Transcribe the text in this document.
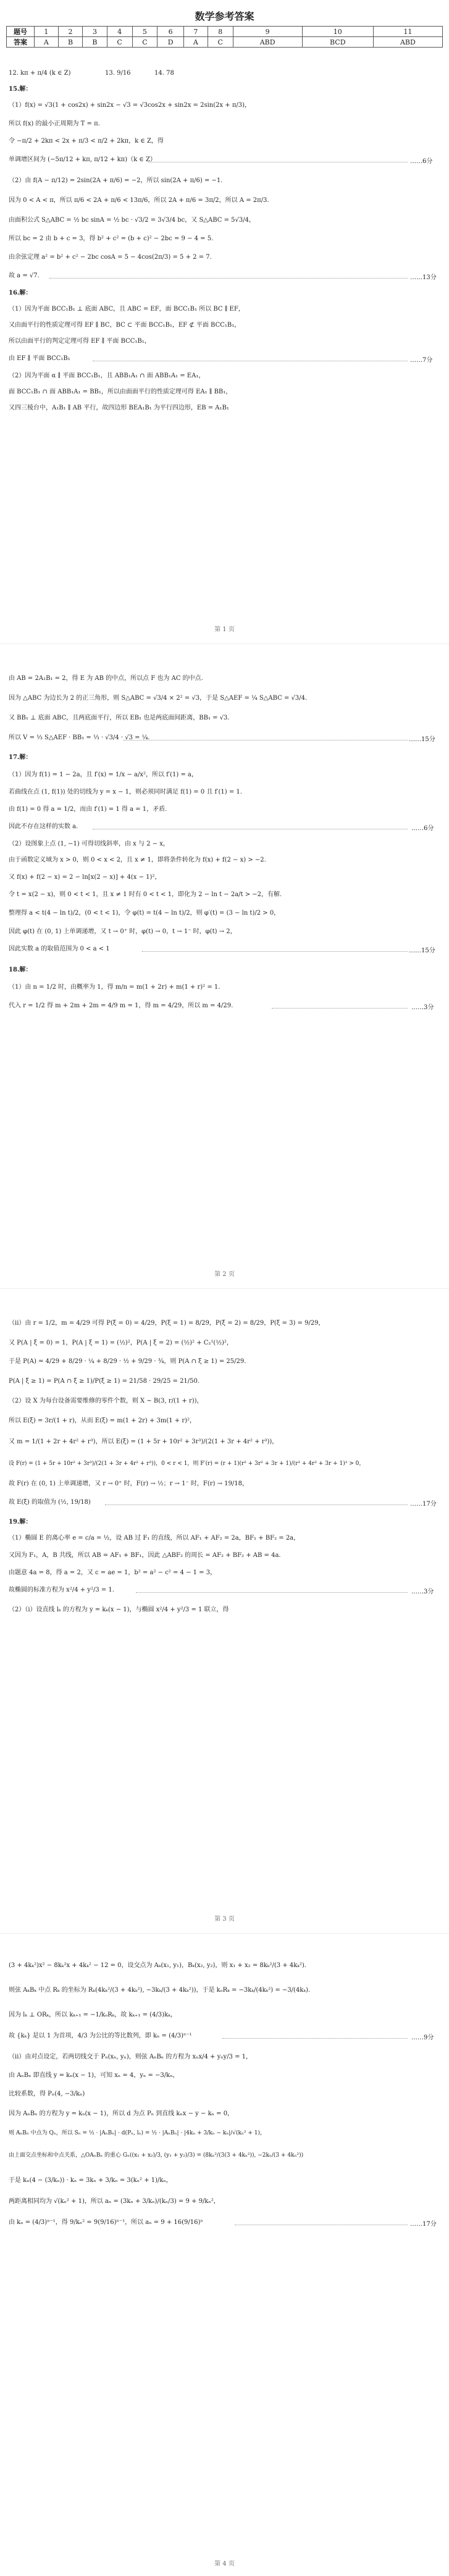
数学参考答案
题号	1	2	3	4	5	6	7	8	9	10	11
答案	A	B	B	C	C	D	A	C	ABD	BCD	ABD
12. kπ + π/4 (k ∈ Z)	13. 9/16	14. 78
15.解：
（1）f(x) = √3(1 + cos2x) + sin2x − √3 = √3cos2x + sin2x = 2sin(2x + π/3)，
所以 f(x) 的最小正周期为 T = π.
令 −π/2 + 2kπ < 2x + π/3 < π/2 + 2kπ，k ∈ Z，得
单调增区间为 (−5π/12 + kπ, π/12 + kπ)（k ∈ Z）	……6分
（2）由 f(A − π/12) = 2sin(2A + π/6) = −2，所以 sin(2A + π/6) = −1.
因为 0 < A < π，所以 π/6 < 2A + π/6 < 13π/6，所以 2A + π/6 = 3π/2，所以 A = 2π/3.
由面积公式 S△ABC = ½ bc sinA = ½ bc · √3/2 = 3√3/4 bc，又 S△ABC = 5√3/4，
所以 bc = 2 由 b + c = 3，得 b² + c² = (b + c)² − 2bc = 9 − 4 = 5.
由余弦定理 a² = b² + c² − 2bc cosA = 5 − 4cos(2π/3) = 5 + 2 = 7.
故 a = √7.	……13分
16.解：
（1）因为平面 BCC₁B₁ ⊥ 底面 ABC，且 ABC = EF，面 BCC₁B₁ 所以 BC ∥ EF，
又由面平行的性质定理可得 EF ∥ BC，BC ⊂ 平面 BCC₁B₁，EF ⊄ 平面 BCC₁B₁，
所以由面平行的判定定理可得 EF ∥ 平面 BCC₁B₁，
由 EF ∥ 平面 BCC₁B₁	……7分
（2）因为平面 α ∥ 平面 BCC₁B₁，且 ABB₁A₁ ∩ 面 ABB₁A₁ = EA₁，
面 BCC₁B₁ ∩ 面 ABB₁A₁ = BB₁，所以由面面平行的性质定理可得 EA₁ ∥ BB₁，
又四三棱台中，A₁B₁ ∥ AB 平行，故四边形 BEA₁B₁ 为平行四边形，EB = A₁B₁
第 1 页
由 AB = 2A₁B₁ = 2，得 E 为 AB 的中点，所以点 F 也为 AC 的中点.
因为 △ABC 为边长为 2 的正三角形，则 S△ABC = √3/4 × 2² = √3，于是 S△AEF = ¼ S△ABC = √3/4.
又 BB₁ ⊥ 底面 ABC，且两底面平行，所以 EB₁ 也是两底面间距离，BB₁ = √3.
所以 V = ⅓ S△AEF · BB₁ = ⅓ · √3/4 · √3 = ¼.	……15分
17.解：
（1）因为 f(1) = 1 − 2a，且 f′(x) = 1/x − a/x²，所以 f′(1) = a，
若曲线在点 (1, f(1)) 处的切线为 y = x − 1，则必须同时满足 f(1) = 0 且 f′(1) = 1.
由 f(1) = 0 得 a = 1/2，而由 f′(1) = 1 得 a = 1，矛盾.
因此不存在这样的实数 a.	……6分
（2）设图象上点 (1, −1) 可得切线斜率，由 x 与 2 − x，
由于函数定义域为 x > 0，则 0 < x < 2，且 x ≠ 1，即将条件转化为 f(x) + f(2 − x) > −2.
又 f(x) + f(2 − x) = 2 − ln[x(2 − x)] + 4(x − 1)²，
令 t = x(2 − x)，则 0 < t < 1，且 x ≠ 1 时有 0 < t < 1，即化为 2 − ln t − 2a/t > −2，有解.
整理得 a < t(4 − ln t)/2，(0 < t < 1)，令 φ(t) = t(4 − ln t)/2，则 φ′(t) = (3 − ln t)/2 > 0，
因此 φ(t) 在 (0, 1) 上单调递增，又 t → 0⁺ 时，φ(t) → 0，t → 1⁻ 时，φ(t) → 2，
因此实数 a 的取值范围为 0 < a < 1	……15分
18.解：
（1）由 n = 1/2 时，由概率为 1，得 m/n = m(1 + 2r) + m(1 + r)² = 1.
代入 r = 1/2 得 m + 2m + 2m = 4/9 m = 1，得 m = 4/29，所以 m = 4/29.	……3分
第 2 页
（ii）由 r = 1/2，m = 4/29 可得 P(ξ = 0) = 4/29，P(ξ = 1) = 8/29，P(ξ = 2) = 8/29，P(ξ = 3) = 9/29，
又 P(A | ξ = 0) = 1，P(A | ξ = 1) = (½)²，P(A | ξ = 2) = (½)² + C₂¹(½)²，
于是 P(A) = 4/29 + 8/29 · ¼ + 8/29 · ½ + 9/29 · ¾，则 P(A ∩ ξ ≥ 1) = 25/29.
P(A | ξ ≥ 1) = P(A ∩ ξ ≥ 1)/P(ξ ≥ 1) = 21/58 · 29/25 = 21/50.
（2）设 X 为每台设备需要维修的零件个数，则 X ~ B(3, r/(1 + r))，
所以 E(ξ) = 3r/(1 + r)，从而 E(ξ) = m(1 + 2r) + 3m(1 + r)²，
又 m = 1/(1 + 2r + 4r² + r³)，所以 E(ξ) = (1 + 5r + 10r² + 3r³)/(2(1 + 3r + 4r² + r³))，
设 F(r) = (1 + 5r + 10r² + 3r³)/(2(1 + 3r + 4r² + r³))，0 < r < 1，则 F′(r) = (r + 1)(r² + 3r² + 3r + 1)/(r³ + 4r² + 3r + 1)² > 0，
故 F(r) 在 (0, 1) 上单调递增，又 r → 0⁺ 时，F(r) → ½；r → 1⁻ 时，F(r) → 19/18，
故 E(ξ) 的取值为 (½, 19/18)	……17分
19.解：
（1）椭圆 E 的离心率 e = c/a = ½，设 AB 过 F₁ 的直线，所以 AF₁ + AF₂ = 2a，BF₁ + BF₂ = 2a，
又因为 F₁，A，B 共线，所以 AB = AF₁ + BF₁，因此 △ABF₂ 的周长 = AF₂ + BF₂ + AB = 4a.
由题意 4a = 8，得 a = 2，又 c = ae = 1，b² = a² − c² = 4 − 1 = 3，
故椭圆的标准方程为 x²/4 + y²/3 = 1.	……3分
（2）（i）设直线 lₖ 的方程为 y = kₖ(x − 1)，与椭圆 x²/4 + y²/3 = 1 联立，得
第 3 页
(3 + 4kₖ²)x² − 8kₖ²x + 4kₖ² − 12 = 0，设交点为 Aₖ(x₁, y₁)，Bₖ(x₂, y₂)，则 x₁ + x₂ = 8kₖ²/(3 + 4kₖ²).
则弦 AₖBₖ 中点 Rₖ 的坐标为 Rₖ(4kₖ²/(3 + 4kₖ²), −3kₖ/(3 + 4kₖ²))，于是 kₒRₖ = −3kₖ/(4kₖ²) = −3/(4kₖ).
因为 lₖ ⊥ ORₖ，所以 kₖ₊₁ = −1/kₒRₖ，故 kₖ₊₁ = (4/3)kₖ，
故 {kₖ} 是以 1 为首项，4/3 为公比的等比数列，即 kₙ = (4/3)ⁿ⁻¹	……9分
（ii）由对点设定，若两切线交于 Pₙ(xₙ, yₙ)，则弦 AₙBₙ 的方程为 xₙx/4 + yₙy/3 = 1，
由 AₙBₙ 即直线 y = kₙ(x − 1)，可知 xₙ = 4，yₙ = −3/kₙ，
比较系数，得 Pₙ(4, −3/kₙ)
因为 AₙBₙ 的方程为 y = kₙ(x − 1)，所以 d 为点 Pₙ 到直线 kₙx − y − kₙ = 0，
则 AₙBₙ 中点为 Qₙ，所以 Sₙ = ½ · |AₙBₙ| · d(Pₙ, lₙ) = ½ · |AₙBₙ| · |4kₙ + 3/kₙ − kₙ|/√(kₙ² + 1)，
由上面交点坐标和中点关系，△OAₙBₙ 的重心 Gₙ((x₁ + x₂)/3, (y₁ + y₂)/3) = (8kₙ²/(3(3 + 4kₙ²)), −2kₙ/(3 + 4kₙ²))
于是 kₙ(4 − (3/kₙ)) · kₙ = 3kₙ + 3/kₙ = 3(kₙ² + 1)/kₙ，
两距离相同均为 √(kₙ² + 1)，所以 aₙ = (3kₙ + 3/kₙ)/(kₙ/3) = 9 + 9/kₙ²，
由 kₙ = (4/3)ⁿ⁻¹，得 9/kₙ² = 9(9/16)ⁿ⁻¹，所以 aₙ = 9 + 16(9/16)ⁿ	……17分
第 4 页
